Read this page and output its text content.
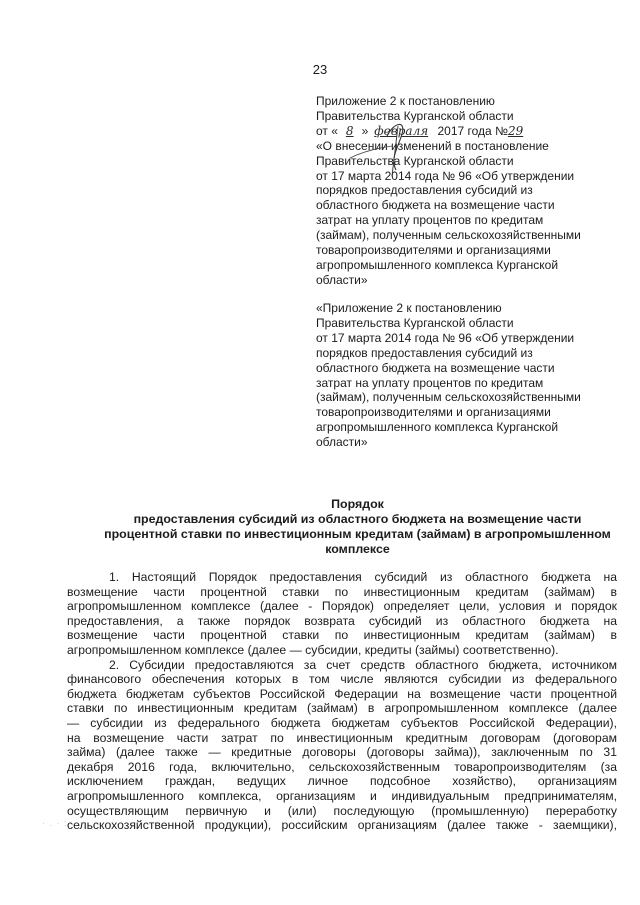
23
Приложение 2 к постановлению
Правительства Курганской области
от « 8 » февраля 2017 года №29
«О внесении изменений в постановление
Правительства Курганской области
от 17 марта 2014 года № 96 «Об утверждении
порядков предоставления субсидий из
областного бюджета на возмещение части
затрат на уплату процентов по кредитам
(займам), полученным сельскохозяйственными
товаропроизводителями и организациями
агропромышленного комплекса Курганской
области»
«Приложение 2 к постановлению
Правительства Курганской области
от 17 марта 2014 года № 96 «Об утверждении
порядков предоставления субсидий из
областного бюджета на возмещение части
затрат на уплату процентов по кредитам
(займам), полученным сельскохозяйственными
товаропроизводителями и организациями
агропромышленного комплекса Курганской
области»
Порядок
предоставления субсидий из областного бюджета на возмещение части
процентной ставки по инвестиционным кредитам (займам) в агропромышленном
комплексе
1. Настоящий Порядок предоставления субсидий из областного бюджета на
возмещение части процентной ставки по инвестиционным кредитам (займам) в
агропромышленном комплексе (далее - Порядок) определяет цели, условия и порядок
предоставления, а также порядок возврата субсидий из областного бюджета на
возмещение части процентной ставки по инвестиционным кредитам (займам) в
агропромышленном комплексе (далее — субсидии, кредиты (займы) соответственно).
2. Субсидии предоставляются за счет средств областного бюджета, источником
финансового обеспечения которых в том числе являются субсидии из федерального
бюджета бюджетам субъектов Российской Федерации на возмещение части процентной
ставки по инвестиционным кредитам (займам) в агропромышленном комплексе (далее
— субсидии из федерального бюджета бюджетам субъектов Российской Федерации),
на возмещение части затрат по инвестиционным кредитным договорам (договорам
займа) (далее также — кредитные договоры (договоры займа)), заключенным по 31
декабря 2016 года, включительно, сельскохозяйственным товаропроизводителям (за
исключением граждан, ведущих личное подсобное хозяйство), организациям
агропромышленного комплекса, организациям и индивидуальным предпринимателям,
осуществляющим первичную и (или) последующую (промышленную) переработку
сельскохозяйственной продукции), российским организациям (далее также - заемщики),
· . · : ·
